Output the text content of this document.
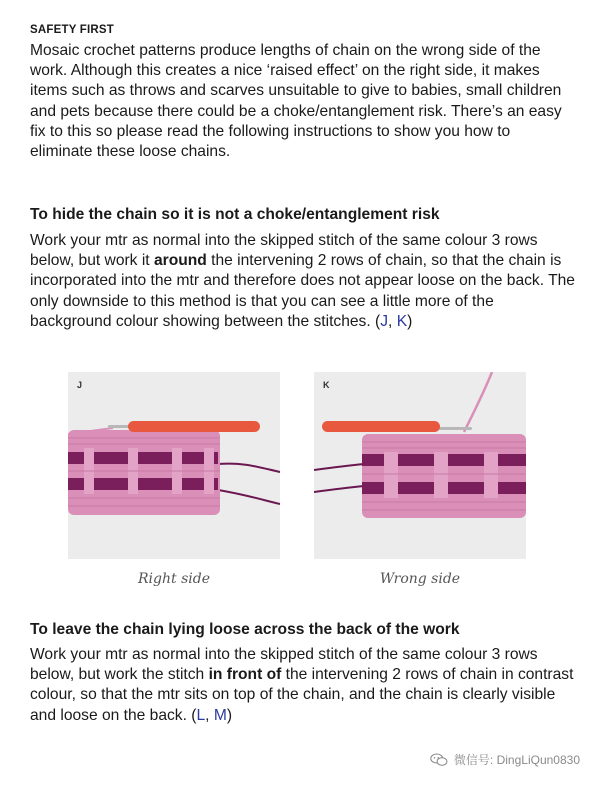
SAFETY FIRST

Mosaic crochet patterns produce lengths of chain on the wrong side of the work. Although this creates a nice ‘raised effect’ on the right side, it makes items such as throws and scarves unsuitable to give to babies, small children and pets because there could be a choke/entanglement risk. There’s an easy fix to this so please read the following instructions to show you how to eliminate these loose chains.

To hide the chain so it is not a choke/entanglement risk

Work your mtr as normal into the skipped stitch of the same colour 3 rows below, but work it around the intervening 2 rows of chain, so that the chain is incorporated into the mtr and therefore does not appear loose on the back. The only downside to this method is that you can see a little more of the background colour showing between the stitches. (J, K)

To leave the chain lying loose across the back of the work

Work your mtr as normal into the skipped stitch of the same colour 3 rows below, but work the stitch in front of the intervening 2 rows of chain in contrast colour, so that the mtr sits on top of the chain, and the chain is clearly visible and loose on the back. (L, M)

J	K
Right side	Wrong side
微信号: DingLiQun0830
